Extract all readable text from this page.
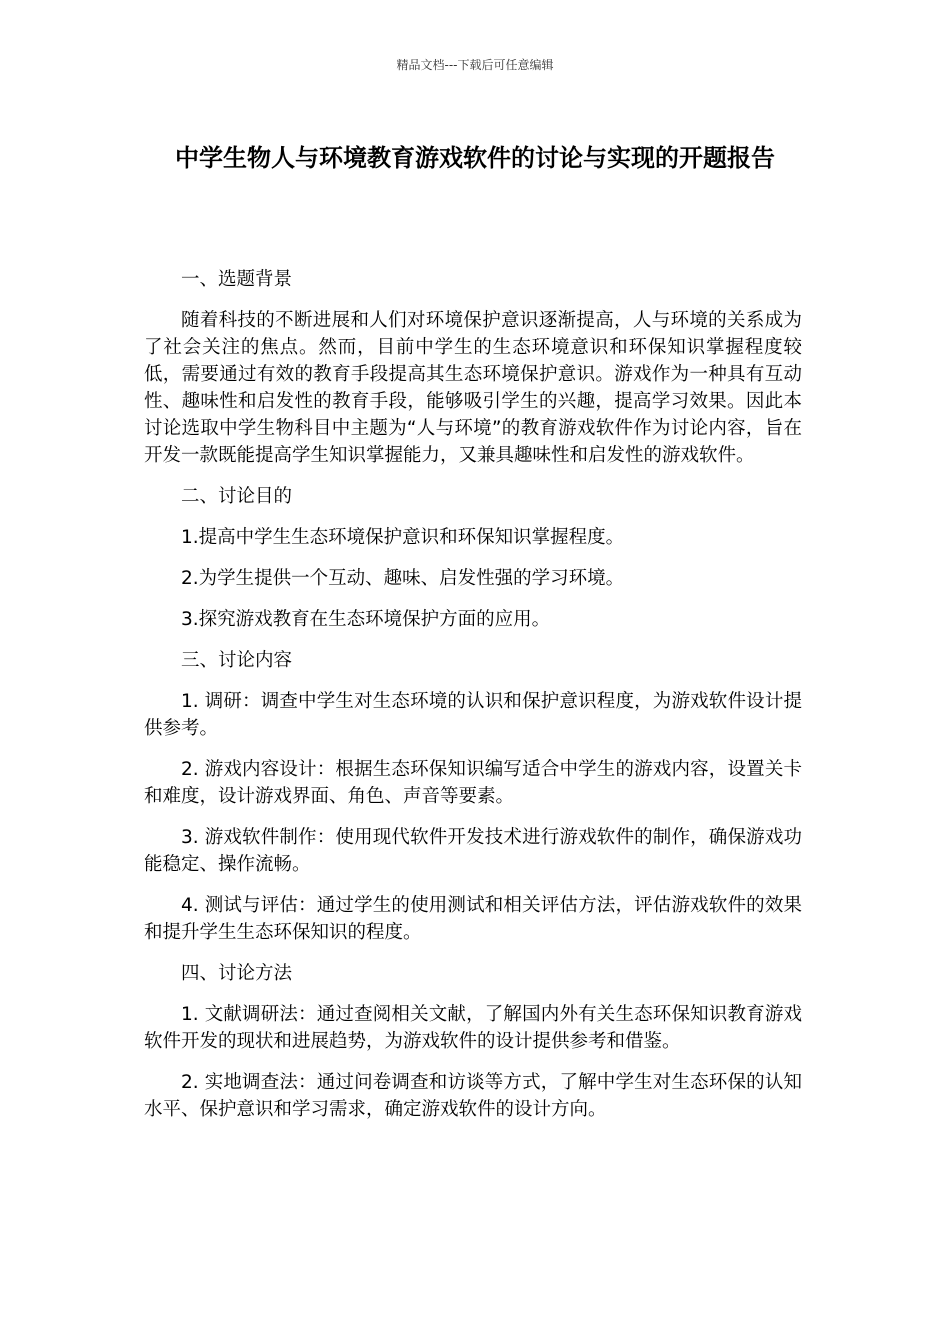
精品文档---下载后可任意编辑
中学生物人与环境教育游戏软件的讨论与实现的开题报告

一、选题背景

随着科技的不断进展和人们对环境保护意识逐渐提高，人与环境的关系成为了社会关注的焦点。然而，目前中学生的生态环境意识和环保知识掌握程度较低，需要通过有效的教育手段提高其生态环境保护意识。游戏作为一种具有互动性、趣味性和启发性的教育手段，能够吸引学生的兴趣，提高学习效果。因此本讨论选取中学生物科目中主题为“人与环境”的教育游戏软件作为讨论内容，旨在开发一款既能提高学生知识掌握能力，又兼具趣味性和启发性的游戏软件。

二、讨论目的

1.提高中学生生态环境保护意识和环保知识掌握程度。

2.为学生提供一个互动、趣味、启发性强的学习环境。

3.探究游戏教育在生态环境保护方面的应用。

三、讨论内容

1. 调研：调查中学生对生态环境的认识和保护意识程度，为游戏软件设计提供参考。

2. 游戏内容设计：根据生态环保知识编写适合中学生的游戏内容，设置关卡和难度，设计游戏界面、角色、声音等要素。

3. 游戏软件制作：使用现代软件开发技术进行游戏软件的制作，确保游戏功能稳定、操作流畅。

4. 测试与评估：通过学生的使用测试和相关评估方法，评估游戏软件的效果和提升学生生态环保知识的程度。

四、讨论方法

1. 文献调研法：通过查阅相关文献，了解国内外有关生态环保知识教育游戏软件开发的现状和进展趋势，为游戏软件的设计提供参考和借鉴。

2. 实地调查法：通过问卷调查和访谈等方式，了解中学生对生态环保的认知水平、保护意识和学习需求，确定游戏软件的设计方向。
